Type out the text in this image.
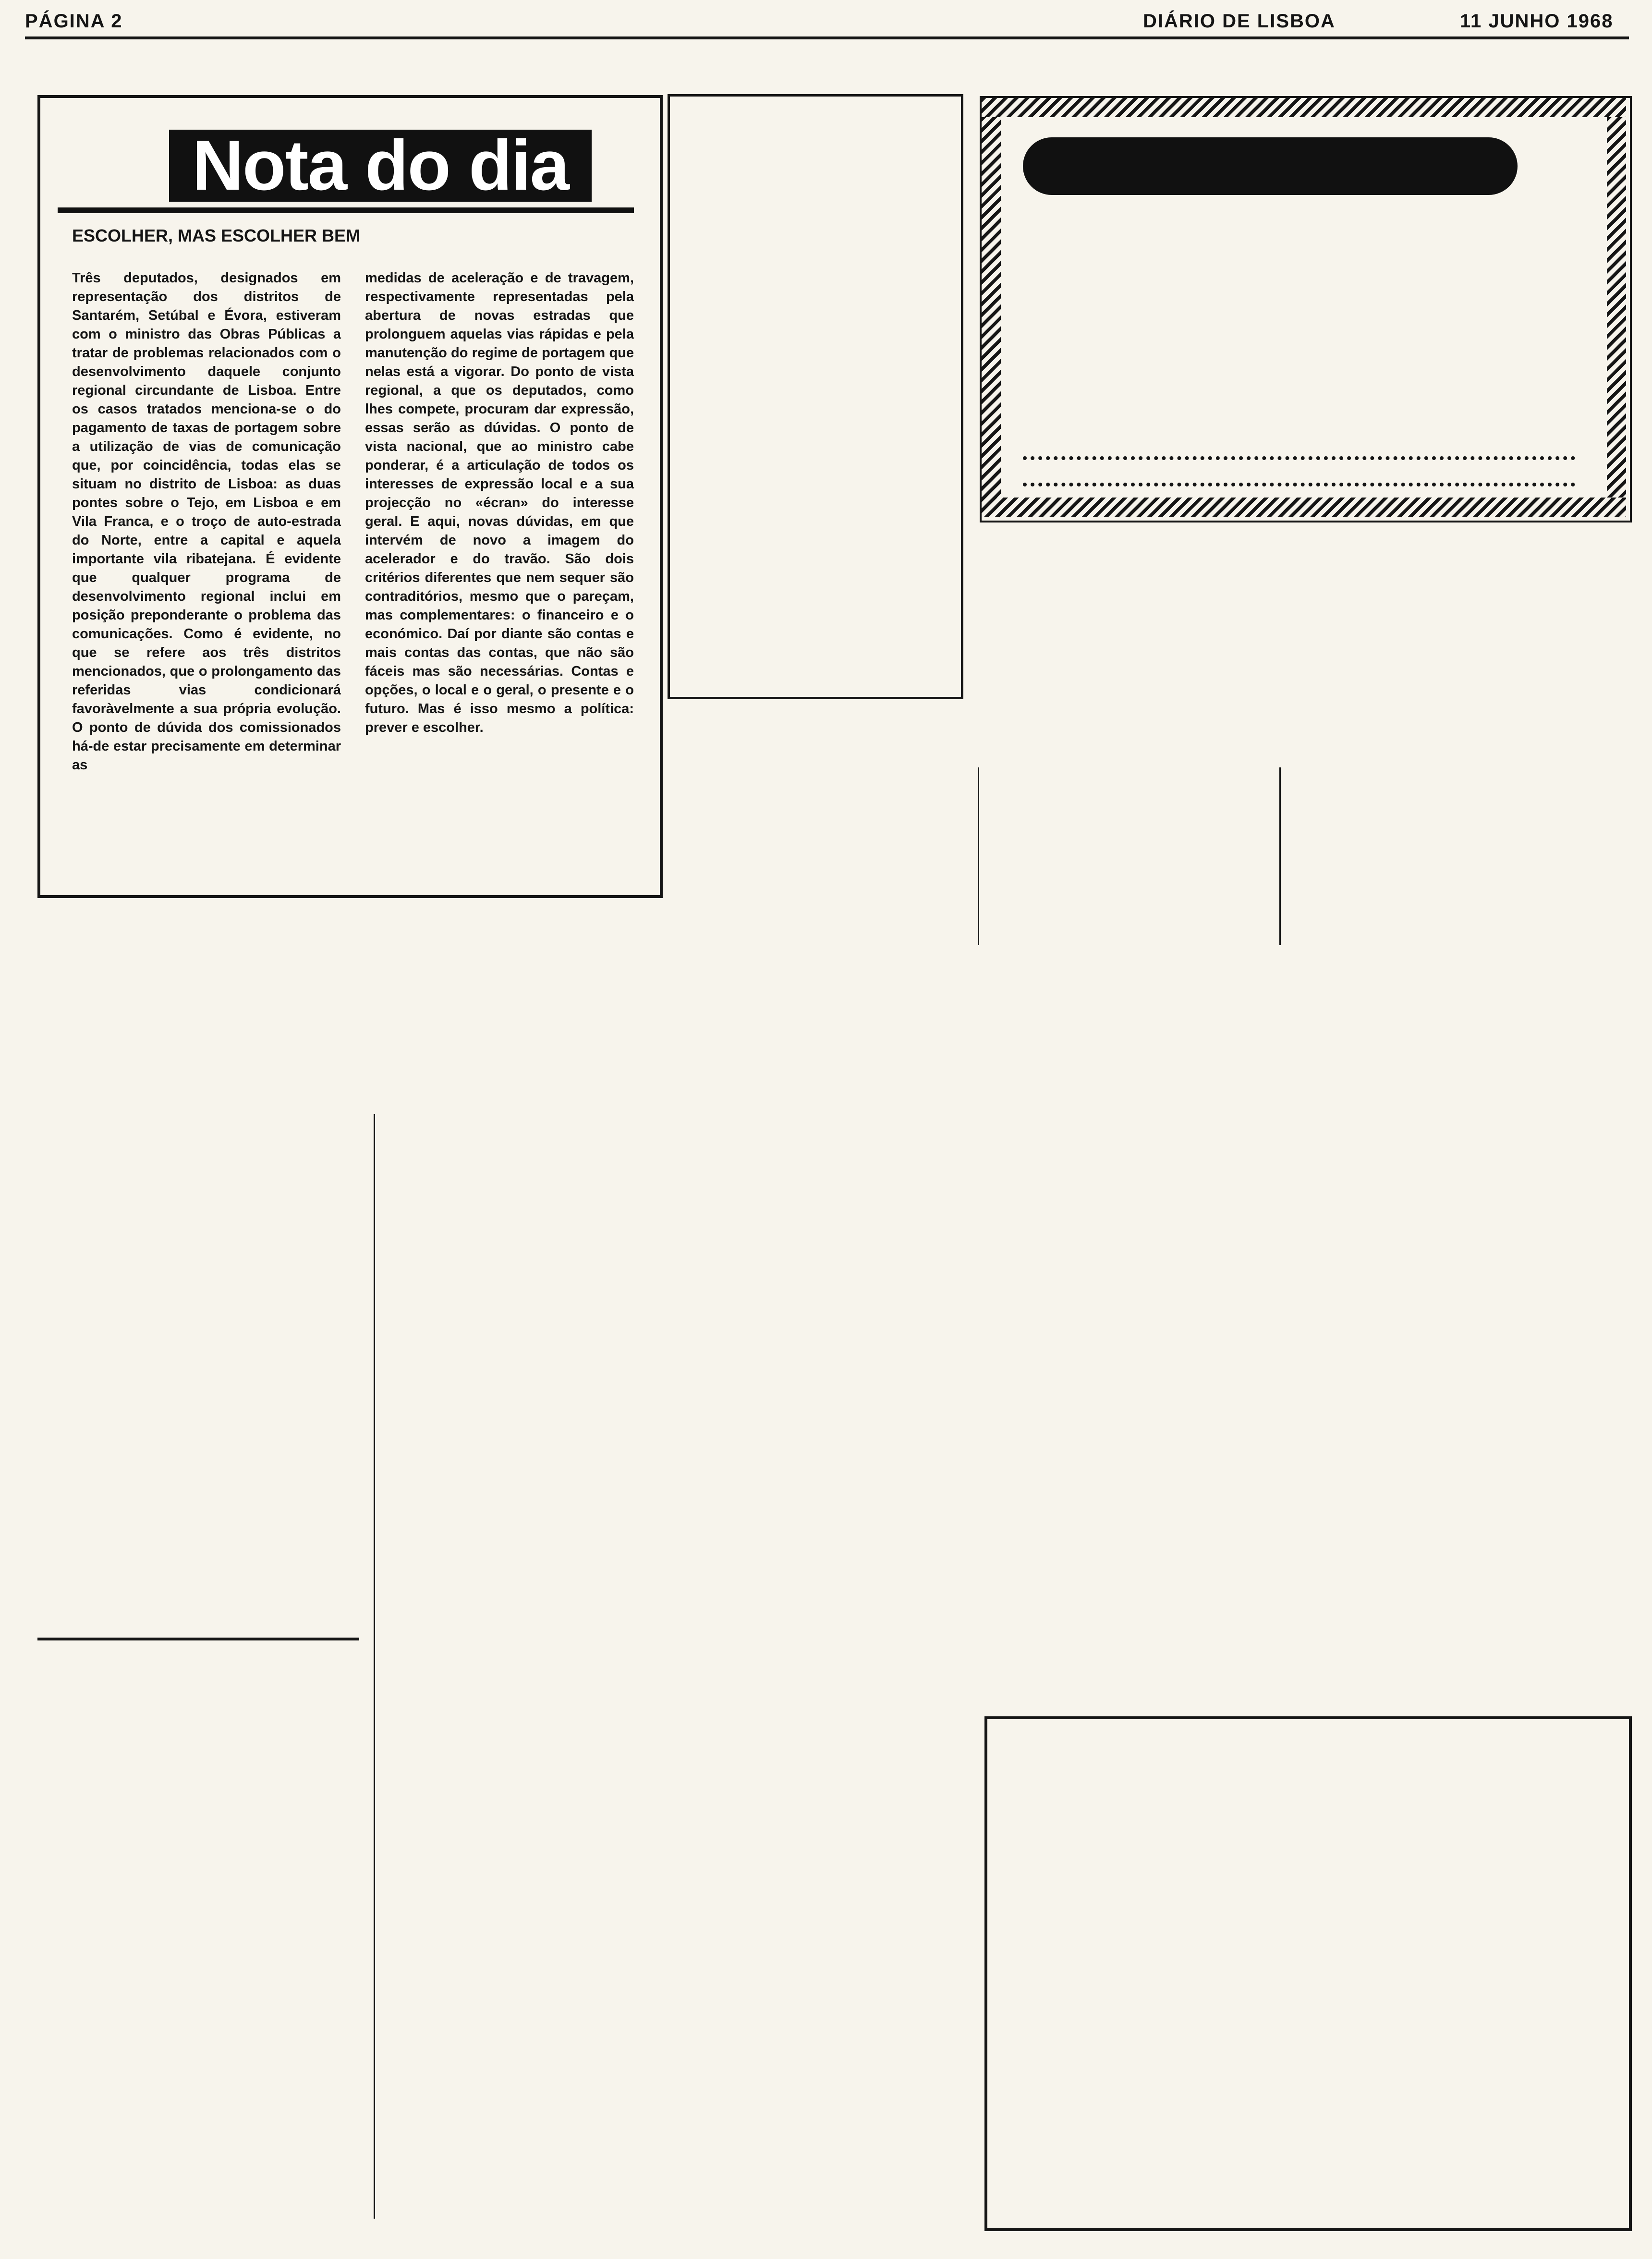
PÁGINA 2	DIÁRIO DE LISBOA	11 JUNHO 1968
Nota do dia
ESCOLHER, MAS ESCOLHER BEM
Três deputados, designados em representação dos distritos de Santarém, Setúbal e Évora, estiveram com o ministro das Obras Públicas a tratar de problemas relacionados com o desenvolvimento daquele conjunto regional circundante de Lisboa. Entre os casos tratados menciona-se o do pagamento de taxas de portagem sobre a utilização de vias de comunicação que, por coincidência, todas elas se situam no distrito de Lisboa: as duas pontes sobre o Tejo, em Lisboa e em Vila Franca, e o troço de auto-estrada do Norte, entre a capital e aquela importante vila ribatejana. É evidente que qualquer programa de desenvolvimento regional inclui em posição preponderante o problema das comunicações. Como é evidente, no que se refere aos três distritos mencionados, que o prolongamento das referidas vias condicionará favoràvelmente a sua própria evolução. O ponto de dúvida dos comissionados há-de estar precisamente em determinar as
medidas de aceleração e de travagem, respectivamente representadas pela abertura de novas estradas que prolonguem aquelas vias rápidas e pela manutenção do regime de portagem que nelas está a vigorar. Do ponto de vista regional, a que os deputados, como lhes compete, procuram dar expressão, essas serão as dúvidas. O ponto de vista nacional, que ao ministro cabe ponderar, é a articulação de todos os interesses de expressão local e a sua projecção no «écran» do interesse geral. E aqui, novas dúvidas, em que intervém de novo a imagem do acelerador e do travão. São dois critérios diferentes que nem sequer são contraditórios, mesmo que o pareçam, mas complementares: o financeiro e o económico. Daí por diante são contas e mais contas das contas, que não são fáceis mas são necessárias. Contas e opções, o local e o geral, o presente e o futuro. Mas é isso mesmo a política: prever e escolher.
